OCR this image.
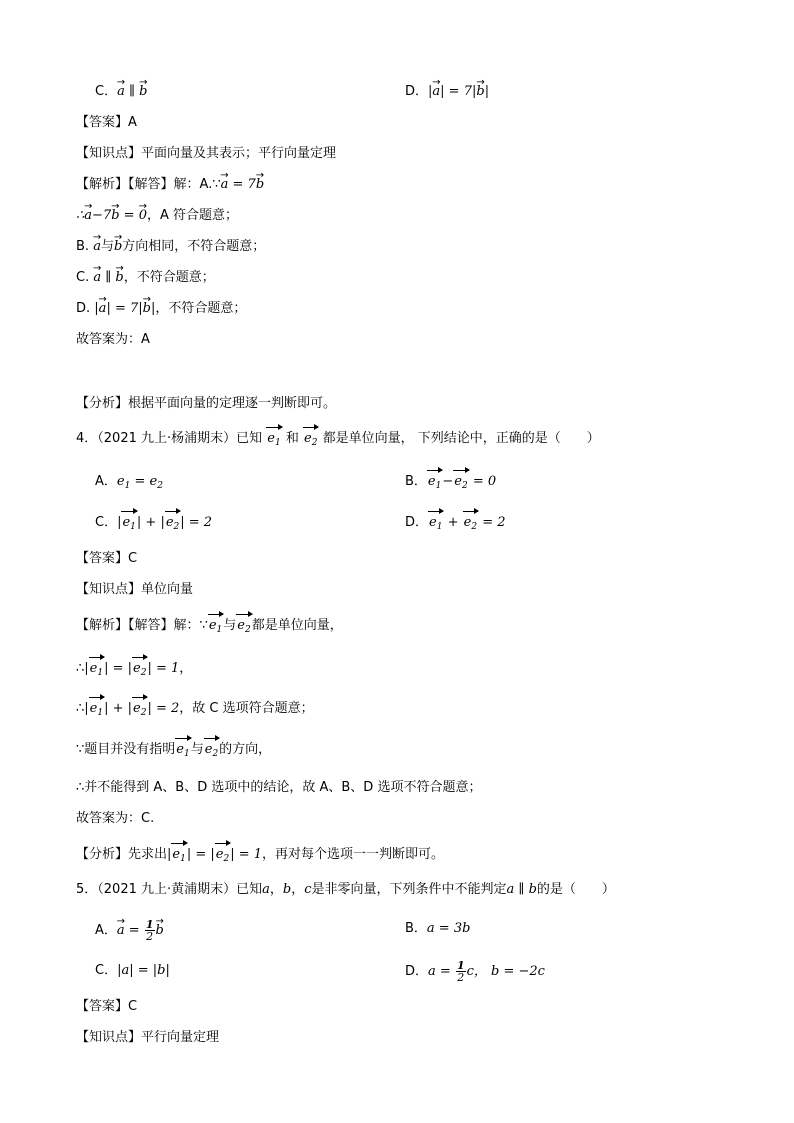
C．→ a ∥ → b	D．|→ a| = 7|→ b|
【答案】A
【知识点】平面向量及其表示；平行向量定理
【解析】【解答】解：A.∵→ a = 7→ b
∴→ a−7→ b = → 0，A 符合题意；
B. → a与→ b方向相同，不符合题意；
C. → a ∥ → b，不符合题意；
D. |→ a| = 7|→ b|，不符合题意；
故答案为：A
【分析】根据平面向量的定理逐一判断即可。
4．（2021 九上·杨浦期末）已知 $e_1$ 和 $e_2$ 都是单位向量， 下列结论中，正确的是（　　）
A．$e_1 = e_2$	B．$e_1-e_2 = 0$
C．$|e_1| + |e_2| = 2$	D．$e_1 + e_2 = 2$
【答案】C
【知识点】单位向量
【解析】【解答】解：$\because e_1$与$e_2$都是单位向量，
$\therefore|e_1| = |e_2| = 1$，
$\therefore|e_1| + |e_2| = 2$，故 C 选项符合题意；
∵题目并没有指明$e_1$与$e_2$的方向，
∴并不能得到 A、B、D 选项中的结论，故 A、B、D 选项不符合题意；
故答案为：C.
【分析】先求出$|e_1| = |e_2| = 1$，再对每个选项一一判断即可。
5．（2021 九上·黄浦期末）已知a，b，c是非零向量，下列条件中不能判定a ∥ b的是（　　）
A．→ $a = \frac{1}{2}$
→ b	B．a = 3b
C．|a| = |b|	D．$a = \frac{1}{2}$ c， b = −2c
【答案】C
【知识点】平行向量定理
